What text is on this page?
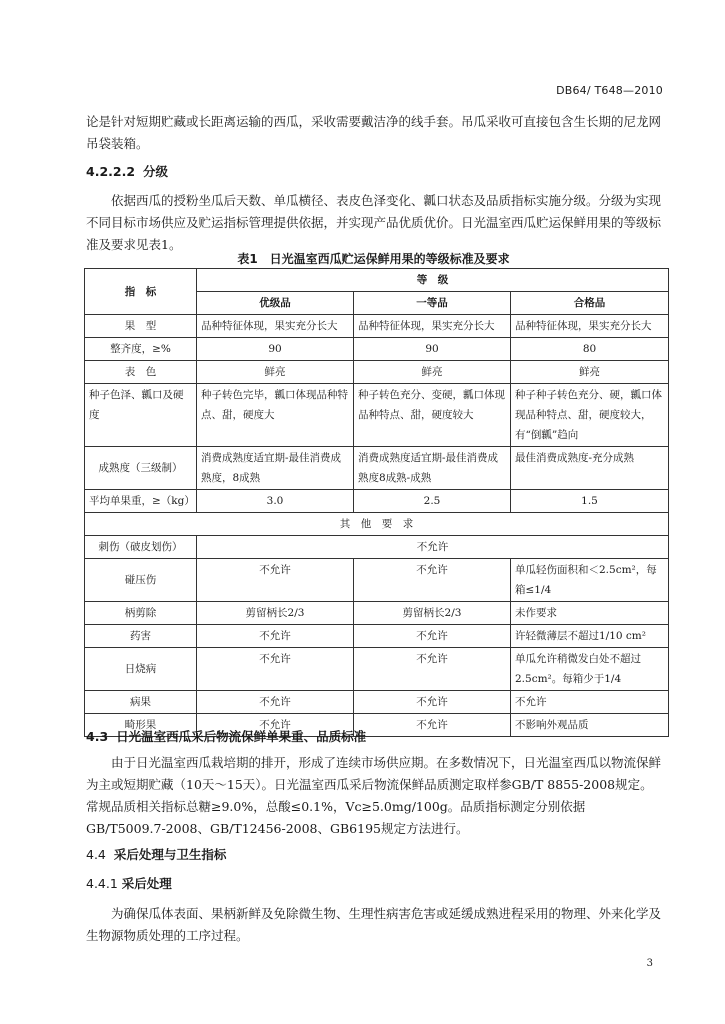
DB64/ T648—2010
论是针对短期贮藏或长距离运输的西瓜，采收需要戴洁净的线手套。吊瓜采收可直接包含生长期的尼龙网吊袋装箱。
4.2.2.2 分级
依据西瓜的授粉坐瓜后天数、单瓜横径、表皮色泽变化、瓤口状态及品质指标实施分级。分级为实现不同目标市场供应及贮运指标管理提供依据，并实现产品优质优价。日光温室西瓜贮运保鲜用果的等级标准及要求见表1。
表1　日光温室西瓜贮运保鲜用果的等级标准及要求
指　标	等　级		
	优级品	一等品	合格品
果　型	品种特征体现，果实充分长大	品种特征体现，果实充分长大	品种特征体现，果实充分长大
整齐度，≥%	90	90	80
表　色	鲜亮	鲜亮	鲜亮
种子色泽、瓤口及硬度	种子转色完毕，瓤口体现品种特点、甜，硬度大	种子转色充分、变硬，瓤口体现品种特点、甜，硬度较大	种子种子转色充分、硬，瓤口体现品种特点、甜，硬度较大，有“倒瓤”趋向
成熟度（三级制）	消费成熟度适宜期-最佳消费成熟度，8成熟	消费成熟度适宜期-最佳消费成熟度8成熟-成熟	最佳消费成熟度-充分成熟
平均单果重，≥（kg）	3.0	2.5	1.5
其　他　要　求			
刺伤（破皮划伤）	不允许		
碰压伤	不允许	不允许	单瓜轻伤面积和＜2.5cm²，每箱≤1/4
柄剪除	剪留柄长2/3	剪留柄长2/3	未作要求
药害	不允许	不允许	许轻微薄层不超过1/10 cm²
日烧病	不允许	不允许	单瓜允许稍微发白处不超过2.5cm²。每箱少于1/4
病果	不允许	不允许	不允许
畸形果	不允许	不允许	不影响外观品质
4.3 日光温室西瓜采后物流保鲜单果重、品质标准
由于日光温室西瓜栽培期的排开，形成了连续市场供应期。在多数情况下，日光温室西瓜以物流保鲜为主或短期贮藏（10天～15天）。日光温室西瓜采后物流保鲜品质测定取样参GB/T 8855-2008规定。常规品质相关指标总糖≥9.0%，总酸≤0.1%，Vc≥5.0mg/100g。品质指标测定分别依据GB/T5009.7-2008、GB/T12456-2008、GB6195规定方法进行。
4.4 采后处理与卫生指标
4.4.1 采后处理
为确保瓜体表面、果柄新鲜及免除微生物、生理性病害危害或延缓成熟进程采用的物理、外来化学及生物源物质处理的工序过程。
3
